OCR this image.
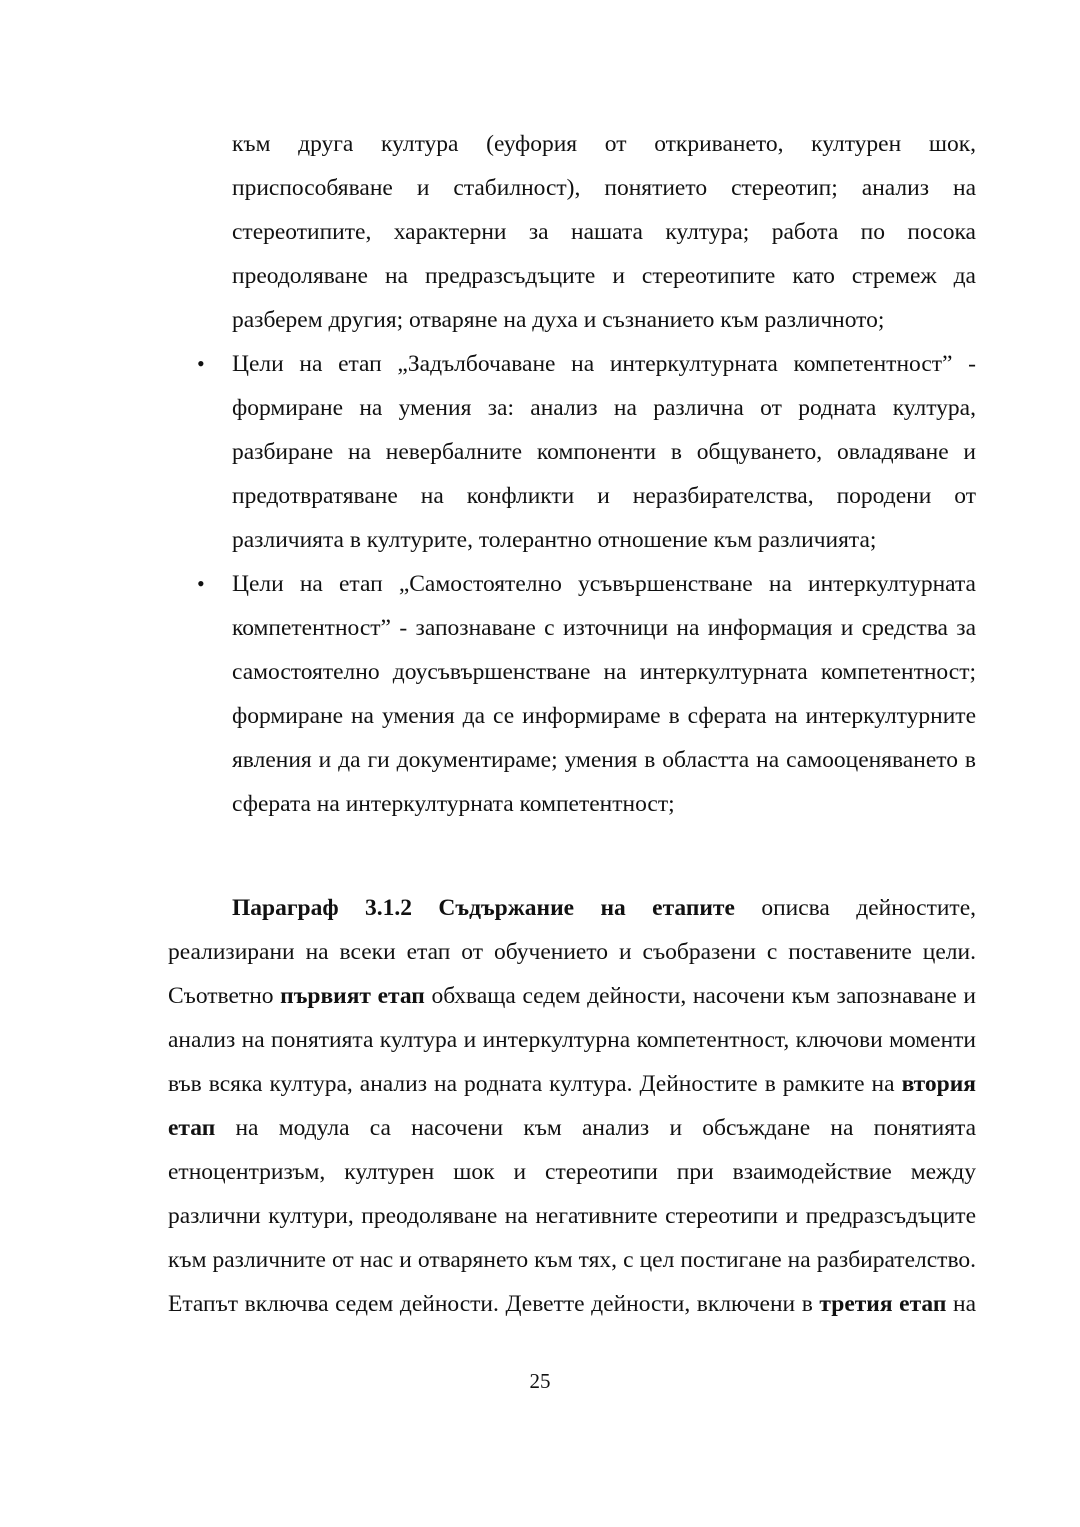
към друга култура (еуфория от откриването, културен шок, приспособяване и стабилност), понятието стереотип; анализ на стереотипите, характерни за нашата култура; работа по посока преодоляване на предразсъдъците и стереотипите като стремеж да разберем другия; отваряне на духа и съзнанието към различното;

• Цели на етап „Задълбочаване на интеркултурната компетентност” - формиране на умения за: анализ на различна от родната култура, разбиране на невербалните компоненти в общуването, овладяване и предотвратяване на конфликти и неразбирателства, породени от различията в културите, толерантно отношение към различията;

• Цели на етап „Самостоятелно усъвършенстване на интеркултурната компетентност” - запознаване с източници на информация и средства за самостоятелно доусъвършенстване на интеркултурната компетентност; формиране на умения да се информираме в сферата на интеркултурните явления и да ги документираме; умения в областта на самооценяването в сферата на интеркултурната компетентност;

Параграф 3.1.2 Съдържание на етапите описва дейностите, реализирани на всеки етап от обучението и съобразени с поставените цели. Съответно първият етап обхваща седем дейности, насочени към запознаване и анализ на понятията култура и интеркултурна компетентност, ключови моменти във всяка култура, анализ на родната култура. Дейностите в рамките на втория етап на модула са насочени към анализ и обсъждане на понятията етноцентризъм, културен шок и стереотипи при взаимодействие между различни култури, преодоляване на негативните стереотипи и предразсъдъците към различните от нас и отварянето към тях, с цел постигане на разбирателство. Етапът включва седем дейности. Деветте дейности, включени в третия етап на

25
